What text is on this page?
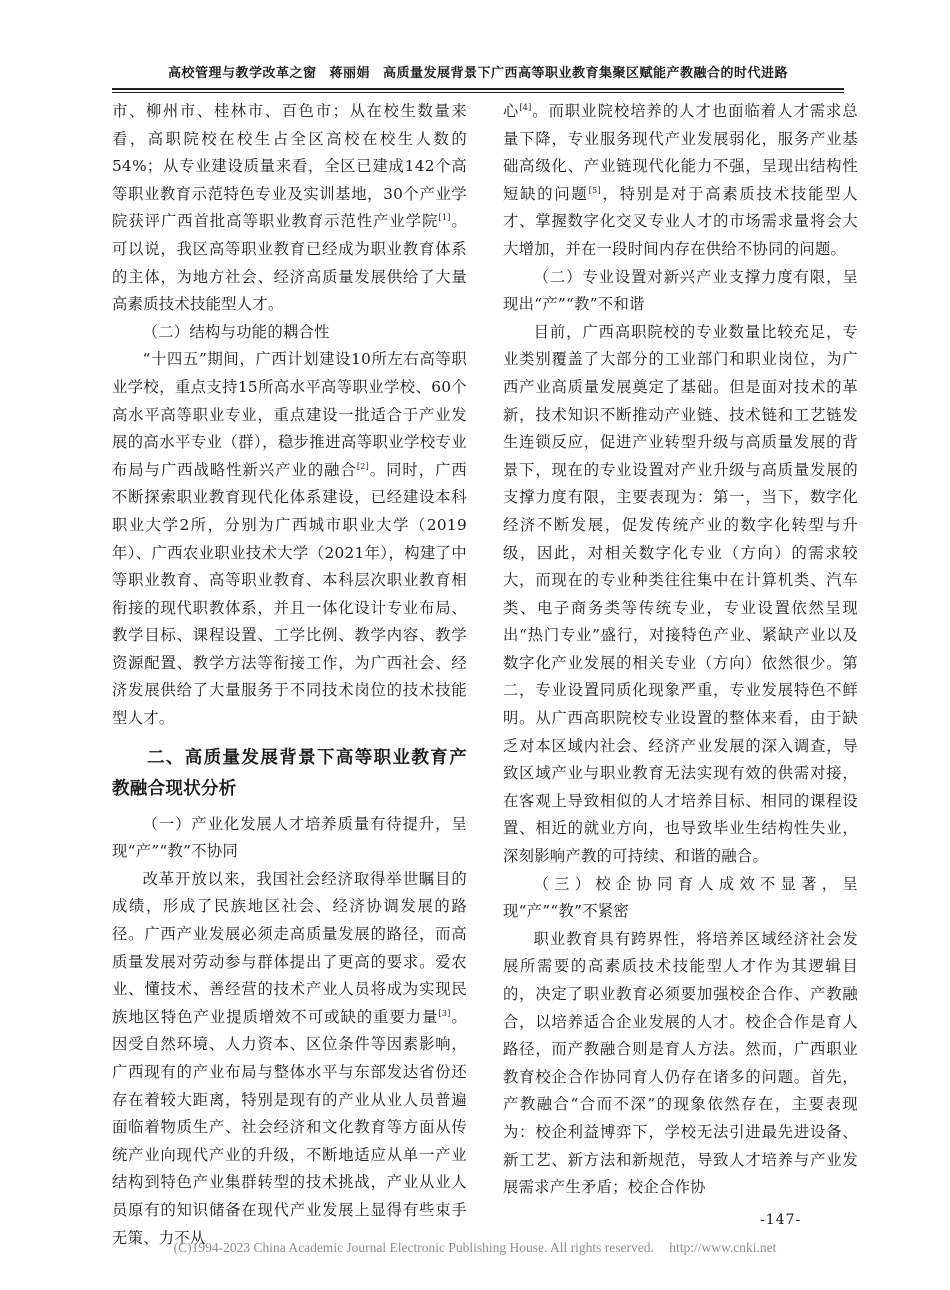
高校管理与教学改革之窗 蒋丽娟 高质量发展背景下广西高等职业教育集聚区赋能产教融合的时代进路

市、柳州市、桂林市、百色市；从在校生数量来看，高职院校在校生占全区高校在校生人数的54%；从专业建设质量来看，全区已建成142个高等职业教育示范特色专业及实训基地，30个产业学院获评广西首批高等职业教育示范性产业学院[1]。可以说，我区高等职业教育已经成为职业教育体系的主体，为地方社会、经济高质量发展供给了大量高素质技术技能型人才。

（二）结构与功能的耦合性

“十四五”期间，广西计划建设10所左右高等职业学校，重点支持15所高水平高等职业学校、60个高水平高等职业专业，重点建设一批适合于产业发展的高水平专业（群），稳步推进高等职业学校专业布局与广西战略性新兴产业的融合[2]。同时，广西不断探索职业教育现代化体系建设，已经建设本科职业大学2所，分别为广西城市职业大学（2019年）、广西农业职业技术大学（2021年），构建了中等职业教育、高等职业教育、本科层次职业教育相衔接的现代职教体系，并且一体化设计专业布局、教学目标、课程设置、工学比例、教学内容、教学资源配置、教学方法等衔接工作，为广西社会、经济发展供给了大量服务于不同技术岗位的技术技能型人才。

二、高质量发展背景下高等职业教育产教融合现状分析

（一）产业化发展人才培养质量有待提升，呈现“产”“教”不协同

改革开放以来，我国社会经济取得举世瞩目的成绩，形成了民族地区社会、经济协调发展的路径。广西产业发展必须走高质量发展的路径，而高质量发展对劳动参与群体提出了更高的要求。爱农业、懂技术、善经营的技术产业人员将成为实现民族地区特色产业提质增效不可或缺的重要力量[3]。因受自然环境、人力资本、区位条件等因素影响，广西现有的产业布局与整体水平与东部发达省份还存在着较大距离，特别是现有的产业从业人员普遍面临着物质生产、社会经济和文化教育等方面从传统产业向现代产业的升级，不断地适应从单一产业结构到特色产业集群转型的技术挑战，产业从业人员原有的知识储备在现代产业发展上显得有些束手无策、力不从

心[4]。而职业院校培养的人才也面临着人才需求总量下降，专业服务现代产业发展弱化，服务产业基础高级化、产业链现代化能力不强，呈现出结构性短缺的问题[5]，特别是对于高素质技术技能型人才、掌握数字化交叉专业人才的市场需求量将会大大增加，并在一段时间内存在供给不协同的问题。

（二）专业设置对新兴产业支撑力度有限，呈现出“产”“教”不和谐

目前，广西高职院校的专业数量比较充足，专业类别覆盖了大部分的工业部门和职业岗位，为广西产业高质量发展奠定了基础。但是面对技术的革新，技术知识不断推动产业链、技术链和工艺链发生连锁反应，促进产业转型升级与高质量发展的背景下，现在的专业设置对产业升级与高质量发展的支撑力度有限，主要表现为：第一，当下，数字化经济不断发展，促发传统产业的数字化转型与升级，因此，对相关数字化专业（方向）的需求较大，而现在的专业种类往往集中在计算机类、汽车类、电子商务类等传统专业，专业设置依然呈现出“热门专业”盛行，对接特色产业、紧缺产业以及数字化产业发展的相关专业（方向）依然很少。第二，专业设置同质化现象严重，专业发展特色不鲜明。从广西高职院校专业设置的整体来看，由于缺乏对本区域内社会、经济产业发展的深入调查，导致区域产业与职业教育无法实现有效的供需对接，在客观上导致相似的人才培养目标、相同的课程设置、相近的就业方向，也导致毕业生结构性失业，深刻影响产教的可持续、和谐的融合。

（三）校企协同育人成效不显著，呈现“产”“教”不紧密

职业教育具有跨界性，将培养区域经济社会发展所需要的高素质技术技能型人才作为其逻辑目的，决定了职业教育必须要加强校企合作、产教融合，以培养适合企业发展的人才。校企合作是育人路径，而产教融合则是育人方法。然而，广西职业教育校企合作协同育人仍存在诸多的问题。首先，产教融合“合而不深”的现象依然存在，主要表现为：校企利益博弈下，学校无法引进最先进设备、新工艺、新方法和新规范，导致人才培养与产业发展需求产生矛盾；校企合作协

-147-
(C)1994-2023 China Academic Journal Electronic Publishing House. All rights reserved. http://www.cnki.net
